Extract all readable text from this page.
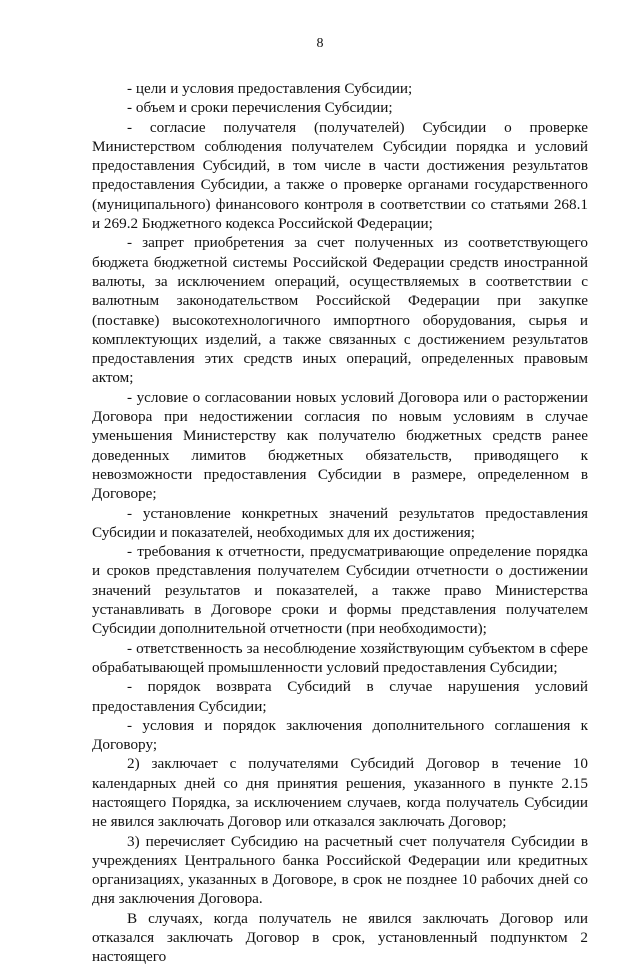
8

- цели и условия предоставления Субсидии;

- объем и сроки перечисления Субсидии;

- согласие получателя (получателей) Субсидии о проверке Министерством соблюдения получателем Субсидии порядка и условий предоставления Субсидий, в том числе в части достижения результатов предоставления Субсидии, а также о проверке органами государственного (муниципального) финансового контроля в соответствии со статьями 268.1 и 269.2 Бюджетного кодекса Российской Федерации;

- запрет приобретения за счет полученных из соответствующего бюджета бюджетной системы Российской Федерации средств иностранной валюты, за исключением операций, осуществляемых в соответствии с валютным законодательством Российской Федерации при закупке (поставке) высокотехнологичного импортного оборудования, сырья и комплектующих изделий, а также связанных с достижением результатов предоставления этих средств иных операций, определенных правовым актом;

- условие о согласовании новых условий Договора или о расторжении Договора при недостижении согласия по новым условиям в случае уменьшения Министерству как получателю бюджетных средств ранее доведенных лимитов бюджетных обязательств, приводящего к невозможности предоставления Субсидии в размере, определенном в Договоре;

- установление конкретных значений результатов предоставления Субсидии и показателей, необходимых для их достижения;

- требования к отчетности, предусматривающие определение порядка и сроков представления получателем Субсидии отчетности о достижении значений результатов и показателей, а также право Министерства устанавливать в Договоре сроки и формы представления получателем Субсидии дополнительной отчетности (при необходимости);

- ответственность за несоблюдение хозяйствующим субъектом в сфере обрабатывающей промышленности условий предоставления Субсидии;

- порядок возврата Субсидий в случае нарушения условий предоставления Субсидии;

- условия и порядок заключения дополнительного соглашения к Договору;

2) заключает с получателями Субсидий Договор в течение 10 календарных дней со дня принятия решения, указанного в пункте 2.15 настоящего Порядка, за исключением случаев, когда получатель Субсидии не явился заключать Договор или отказался заключать Договор;

3) перечисляет Субсидию на расчетный счет получателя Субсидии в учреждениях Центрального банка Российской Федерации или кредитных организациях, указанных в Договоре, в срок не позднее 10 рабочих дней со дня заключения Договора.

В случаях, когда получатель не явился заключать Договор или отказался заключать Договор в срок, установленный подпунктом 2 настоящего
